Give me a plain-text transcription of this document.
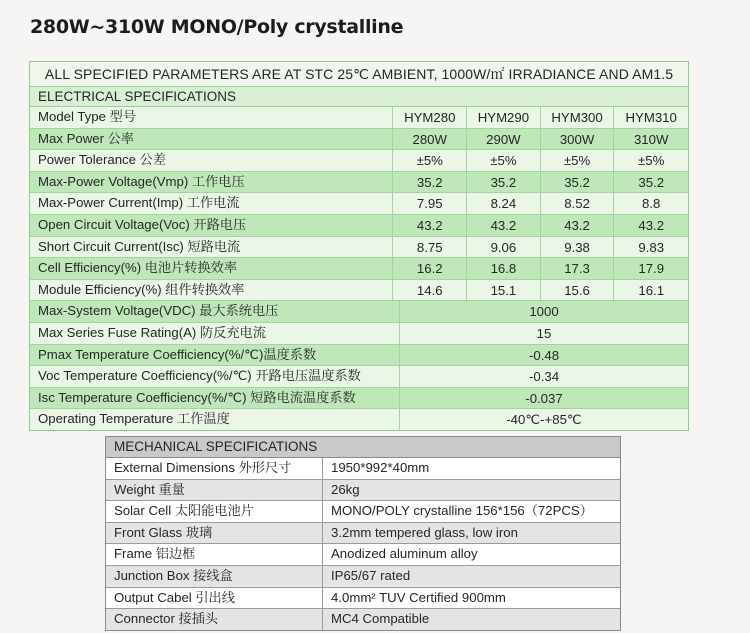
280W~310W MONO/Poly crystalline
ALL SPECIFIED PARAMETERS ARE AT STC 25℃ AMBIENT, 1000W/㎡ IRRADIANCE AND AM1.5
ELECTRICAL SPECIFICATIONS
Model Type 型号	HYM280	HYM290	HYM300	HYM310
Max Power 公率	280W	290W	300W	310W
Power Tolerance 公差	±5%	±5%	±5%	±5%
Max-Power Voltage(Vmp) 工作电压	35.2	35.2	35.2	35.2
Max-Power Current(Imp) 工作电流	7.95	8.24	8.52	8.8
Open Circuit Voltage(Voc) 开路电压	43.2	43.2	43.2	43.2
Short Circuit Current(Isc) 短路电流	8.75	9.06	9.38	9.83
Cell Efficiency(%) 电池片转换效率	16.2	16.8	17.3	17.9
Module Efficiency(%) 组件转换效率	14.6	15.1	15.6	16.1
Max-System Voltage(VDC) 最大系统电压	1000
Max Series Fuse Rating(A) 防反充电流	15
Pmax Temperature Coefficiency(%/℃)温度系数	-0.48
Voc Temperature Coefficiency(%/℃) 开路电压温度系数	-0.34
Isc Temperature Coefficiency(%/℃) 短路电流温度系数	-0.037
Operating Temperature 工作温度	-40℃-+85℃
MECHANICAL SPECIFICATIONS
External Dimensions 外形尺寸	1950*992*40mm
Weight 重量	26kg
Solar Cell 太阳能电池片	MONO/POLY crystalline 156*156（72PCS）
Front Glass 玻璃	3.2mm tempered glass, low iron
Frame 铝边框	Anodized aluminum alloy
Junction Box 接线盒	IP65/67 rated
Output Cabel 引出线	4.0mm² TUV Certified 900mm
Connector 接插头	MC4 Compatible
